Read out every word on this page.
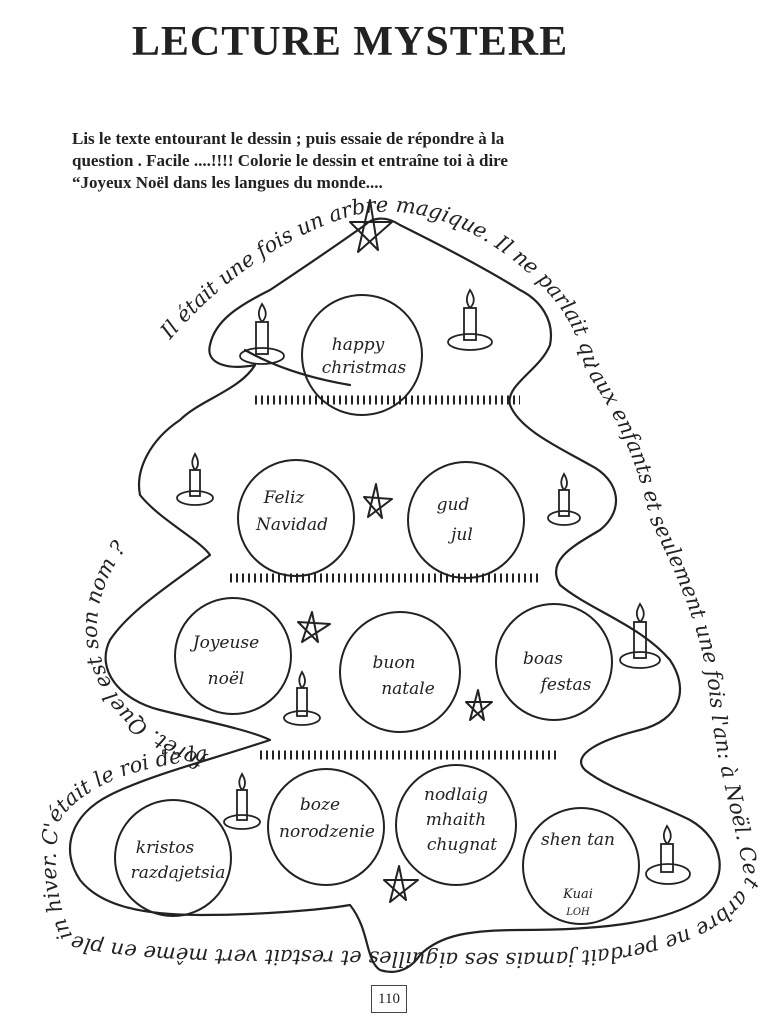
LECTURE MYSTERE
Lis le texte entourant le dessin ; puis essaie de répondre à la
question . Facile ....!!!! Colorie le dessin et entraîne toi à dire
“Joyeux Noël dans les langues du monde....
happy
christmas
Feliz
Navidad
gud
jul
Joyeuse
noël
buon
natale
boas
festas
kristos
razdajetsia
boze
norodzenie
nodlaig
mhaith
chugnat	shen tan
Kuai
LOH
Il était une fois un arbre magique. Il ne parlait qu'aux enfants et seulement une fois l'an: à Noël. Cet arbre ne perdait jamais ses aiguilles et restait vert même en plein hiver. C'était le roi de la forêt. Quel est son nom ?
110
